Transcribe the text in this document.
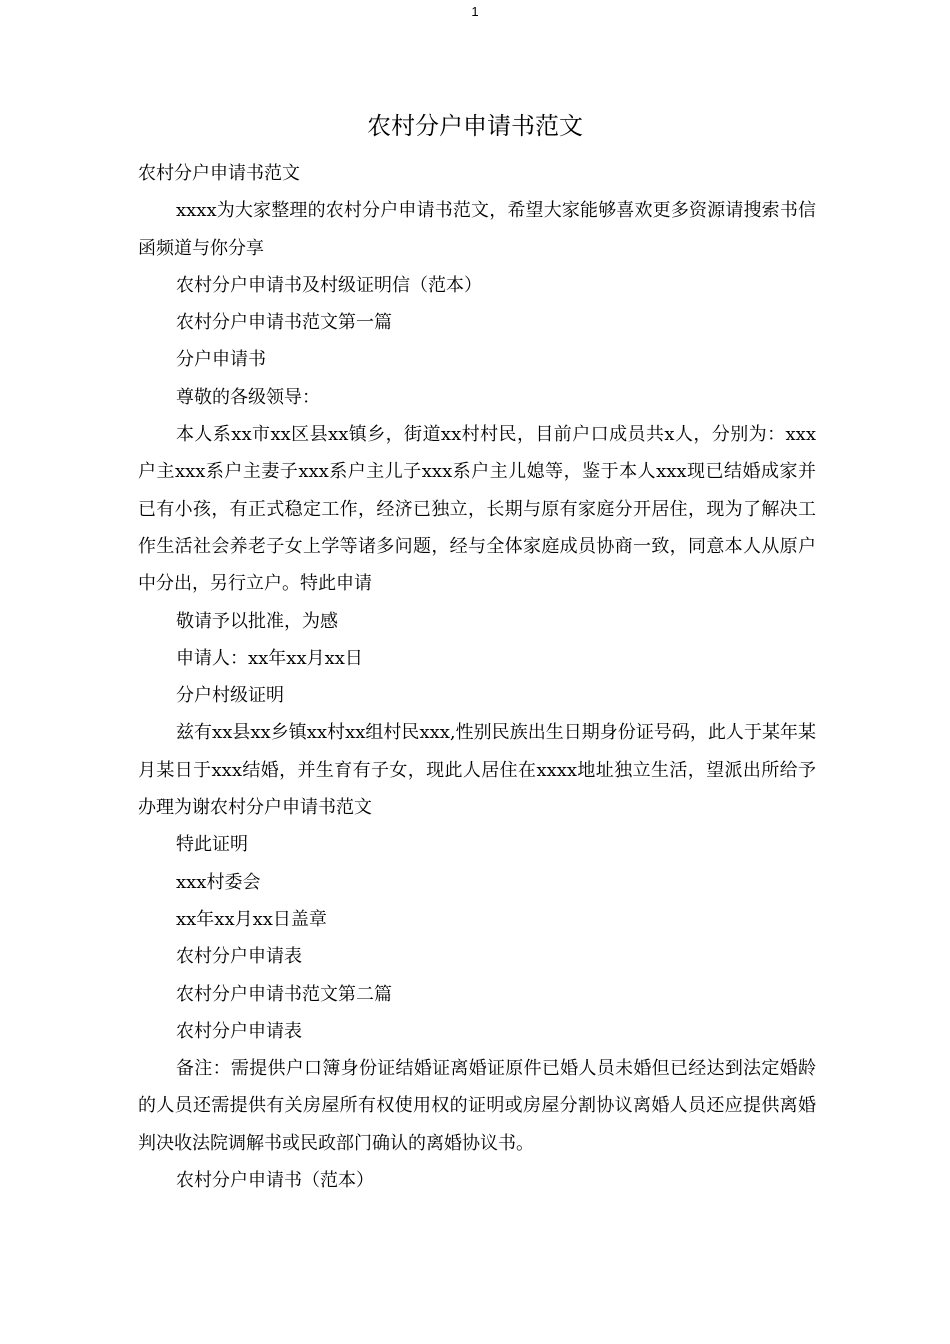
1
农村分户申请书范文

农村分户申请书范文

xxxx为大家整理的农村分户申请书范文，希望大家能够喜欢更多资源请搜索书信函频道与你分享

农村分户申请书及村级证明信（范本）

农村分户申请书范文第一篇

分户申请书

尊敬的各级领导：

本人系xx市xx区县xx镇乡，街道xx村村民，目前户口成员共x人，分别为：xxx户主xxx系户主妻子xxx系户主儿子xxx系户主儿媳等，鉴于本人xxx现已结婚成家并已有小孩，有正式稳定工作，经济已独立，长期与原有家庭分开居住，现为了解决工作生活社会养老子女上学等诸多问题，经与全体家庭成员协商一致，同意本人从原户中分出，另行立户。特此申请

敬请予以批准，为感

申请人：xx年xx月xx日

分户村级证明

兹有xx县xx乡镇xx村xx组村民xxx,性别民族出生日期身份证号码，此人于某年某月某日于xxx结婚，并生育有子女，现此人居住在xxxx地址独立生活，望派出所给予办理为谢农村分户申请书范文

特此证明

xxx村委会

xx年xx月xx日盖章

农村分户申请表

农村分户申请书范文第二篇

农村分户申请表

备注：需提供户口簿身份证结婚证离婚证原件已婚人员未婚但已经达到法定婚龄的人员还需提供有关房屋所有权使用权的证明或房屋分割协议离婚人员还应提供离婚判决收法院调解书或民政部门确认的离婚协议书。

农村分户申请书（范本）
